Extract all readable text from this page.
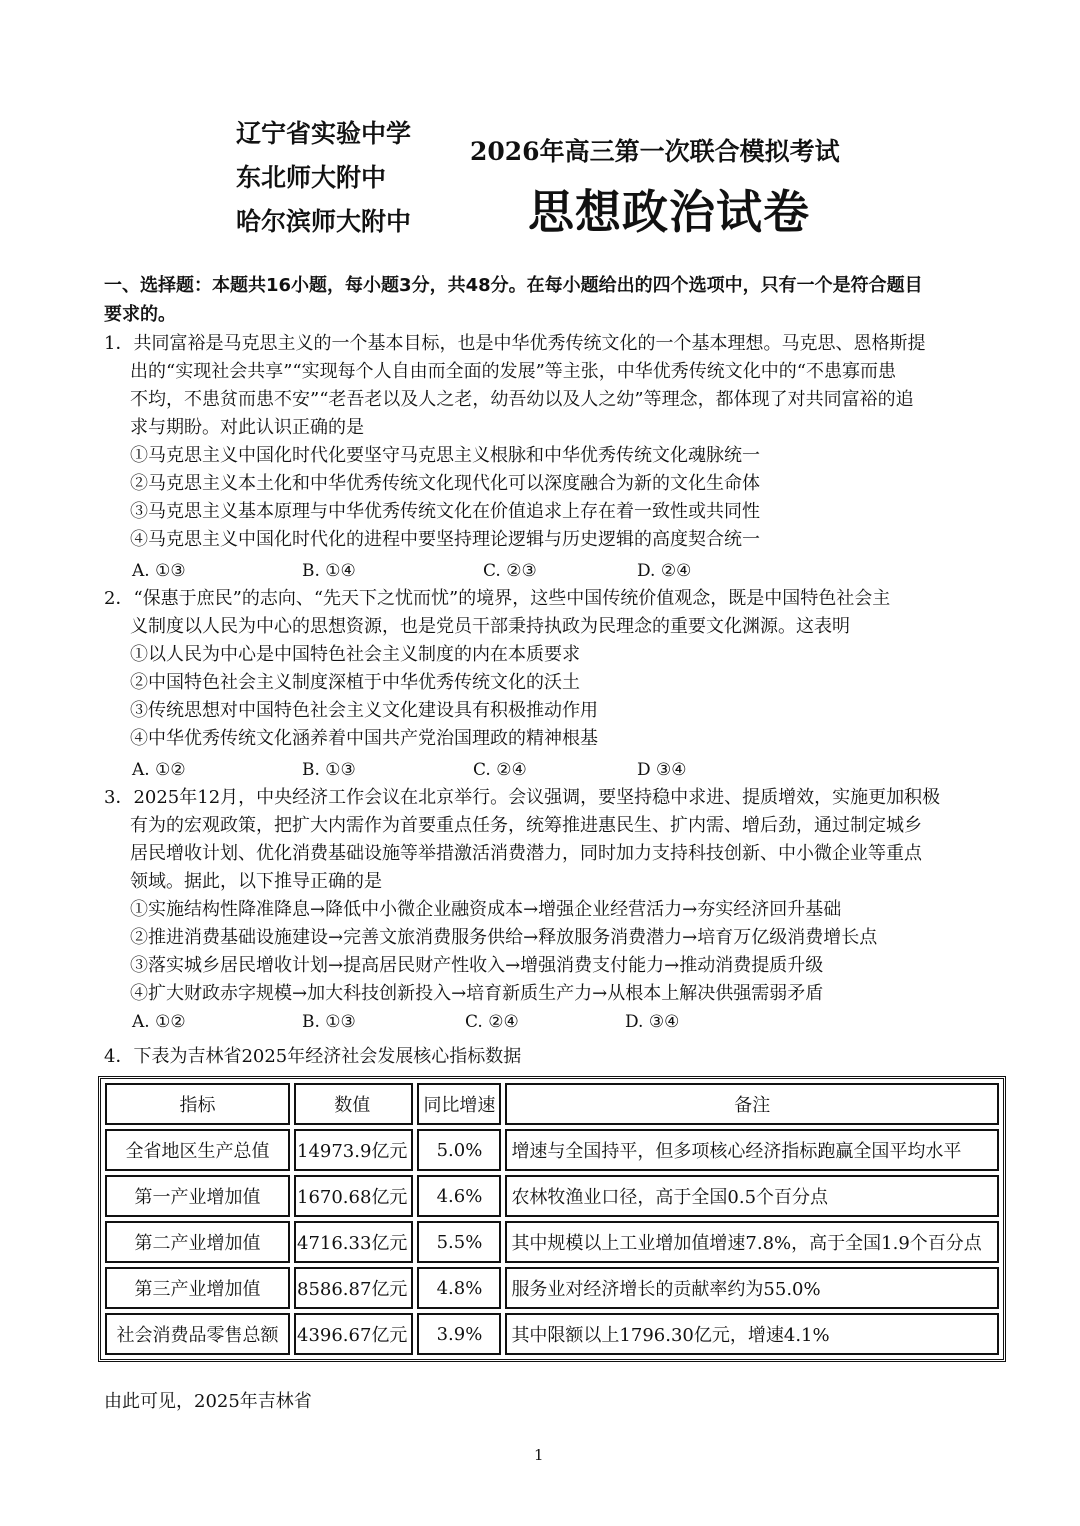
辽宁省实验中学
东北师大附中
哈尔滨师大附中
2026年高三第一次联合模拟考试
思想政治试卷
一、选择题：本题共16小题，每小题3分，共48分。在每小题给出的四个选项中，只有一个是符合题目
要求的。
1．共同富裕是马克思主义的一个基本目标，也是中华优秀传统文化的一个基本理想。马克思、恩格斯提
出的“实现社会共享”“实现每个人自由而全面的发展”等主张，中华优秀传统文化中的“不患寡而患
不均，不患贫而患不安”“老吾老以及人之老，幼吾幼以及人之幼”等理念，都体现了对共同富裕的追
求与期盼。对此认识正确的是
①马克思主义中国化时代化要坚守马克思主义根脉和中华优秀传统文化魂脉统一
②马克思主义本土化和中华优秀传统文化现代化可以深度融合为新的文化生命体
③马克思主义基本原理与中华优秀传统文化在价值追求上存在着一致性或共同性
④马克思主义中国化时代化的进程中要坚持理论逻辑与历史逻辑的高度契合统一
A. ①③	B. ①④	C. ②③	D. ②④
2．“保惠于庶民”的志向、“先天下之忧而忧”的境界，这些中国传统价值观念，既是中国特色社会主
义制度以人民为中心的思想资源，也是党员干部秉持执政为民理念的重要文化渊源。这表明
①以人民为中心是中国特色社会主义制度的内在本质要求
②中国特色社会主义制度深植于中华优秀传统文化的沃土
③传统思想对中国特色社会主义文化建设具有积极推动作用
④中华优秀传统文化涵养着中国共产党治国理政的精神根基
A. ①②	B. ①③	C. ②④	D ③④
3．2025年12月，中央经济工作会议在北京举行。会议强调，要坚持稳中求进、提质增效，实施更加积极
有为的宏观政策，把扩大内需作为首要重点任务，统筹推进惠民生、扩内需、增后劲，通过制定城乡
居民增收计划、优化消费基础设施等举措激活消费潜力，同时加力支持科技创新、中小微企业等重点
领域。据此，以下推导正确的是
①实施结构性降准降息→降低中小微企业融资成本→增强企业经营活力→夯实经济回升基础
②推进消费基础设施建设→完善文旅消费服务供给→释放服务消费潜力→培育万亿级消费增长点
③落实城乡居民增收计划→提高居民财产性收入→增强消费支付能力→推动消费提质升级
④扩大财政赤字规模→加大科技创新投入→培育新质生产力→从根本上解决供强需弱矛盾
A. ①②	B. ①③	C. ②④	D. ③④
4．下表为吉林省2025年经济社会发展核心指标数据
指标	数值	同比增速	备注
全省地区生产总值	14973.9亿元	5.0%	增速与全国持平，但多项核心经济指标跑赢全国平均水平
第一产业增加值	1670.68亿元	4.6%	农林牧渔业口径，高于全国0.5个百分点
第二产业增加值	4716.33亿元	5.5%	其中规模以上工业增加值增速7.8%，高于全国1.9个百分点
第三产业增加值	8586.87亿元	4.8%	服务业对经济增长的贡献率约为55.0%
社会消费品零售总额	4396.67亿元	3.9%	其中限额以上1796.30亿元，增速4.1%
由此可见，2025年吉林省
1
